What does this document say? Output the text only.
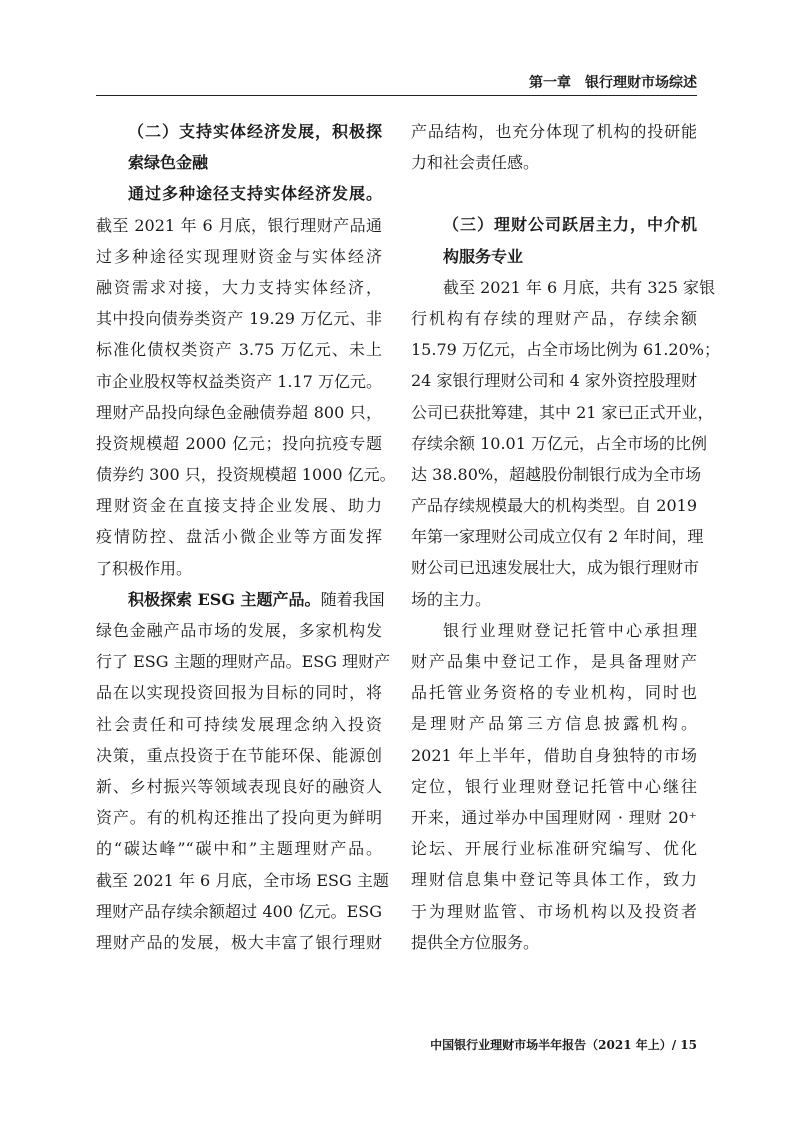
第一章　银行理财市场综述
（二）支持实体经济发展，积极探
索绿色金融
通过多种途径支持实体经济发展。
截至 2021 年 6 月底，银行理财产品通
过多种途径实现理财资金与实体经济
融资需求对接，大力支持实体经济，
其中投向债券类资产 19.29 万亿元、非
标准化债权类资产 3.75 万亿元、未上
市企业股权等权益类资产 1.17 万亿元。
理财产品投向绿色金融债券超 800 只，
投资规模超 2000 亿元；投向抗疫专题
债券约 300 只，投资规模超 1000 亿元。
理财资金在直接支持企业发展、助力
疫情防控、盘活小微企业等方面发挥
了积极作用。
积极探索 ESG 主题产品。随着我国
绿色金融产品市场的发展，多家机构发
行了 ESG 主题的理财产品。ESG 理财产
品在以实现投资回报为目标的同时，将
社会责任和可持续发展理念纳入投资
决策，重点投资于在节能环保、能源创
新、乡村振兴等领域表现良好的融资人
资产。有的机构还推出了投向更为鲜明
的“碳达峰”“碳中和”主题理财产品。
截至 2021 年 6 月底，全市场 ESG 主题
理财产品存续余额超过 400 亿元。ESG
理财产品的发展，极大丰富了银行理财
产品结构，也充分体现了机构的投研能
力和社会责任感。
（三）理财公司跃居主力，中介机
构服务专业
截至 2021 年 6 月底，共有 325 家银
行机构有存续的理财产品，存续余额
15.79 万亿元，占全市场比例为 61.20%；
24 家银行理财公司和 4 家外资控股理财
公司已获批筹建，其中 21 家已正式开业，
存续余额 10.01 万亿元，占全市场的比例
达 38.80%，超越股份制银行成为全市场
产品存续规模最大的机构类型。自 2019
年第一家理财公司成立仅有 2 年时间，理
财公司已迅速发展壮大，成为银行理财市
场的主力。
银行业理财登记托管中心承担理
财产品集中登记工作，是具备理财产
品托管业务资格的专业机构，同时也
是理财产品第三方信息披露机构。
2021 年上半年，借助自身独特的市场
定位，银行业理财登记托管中心继往
开来，通过举办中国理财网 · 理财 20⁺
论坛、开展行业标准研究编写、优化
理财信息集中登记等具体工作，致力
于为理财监管、市场机构以及投资者
提供全方位服务。
中国银行业理财市场半年报告（2021 年上）/ 15
